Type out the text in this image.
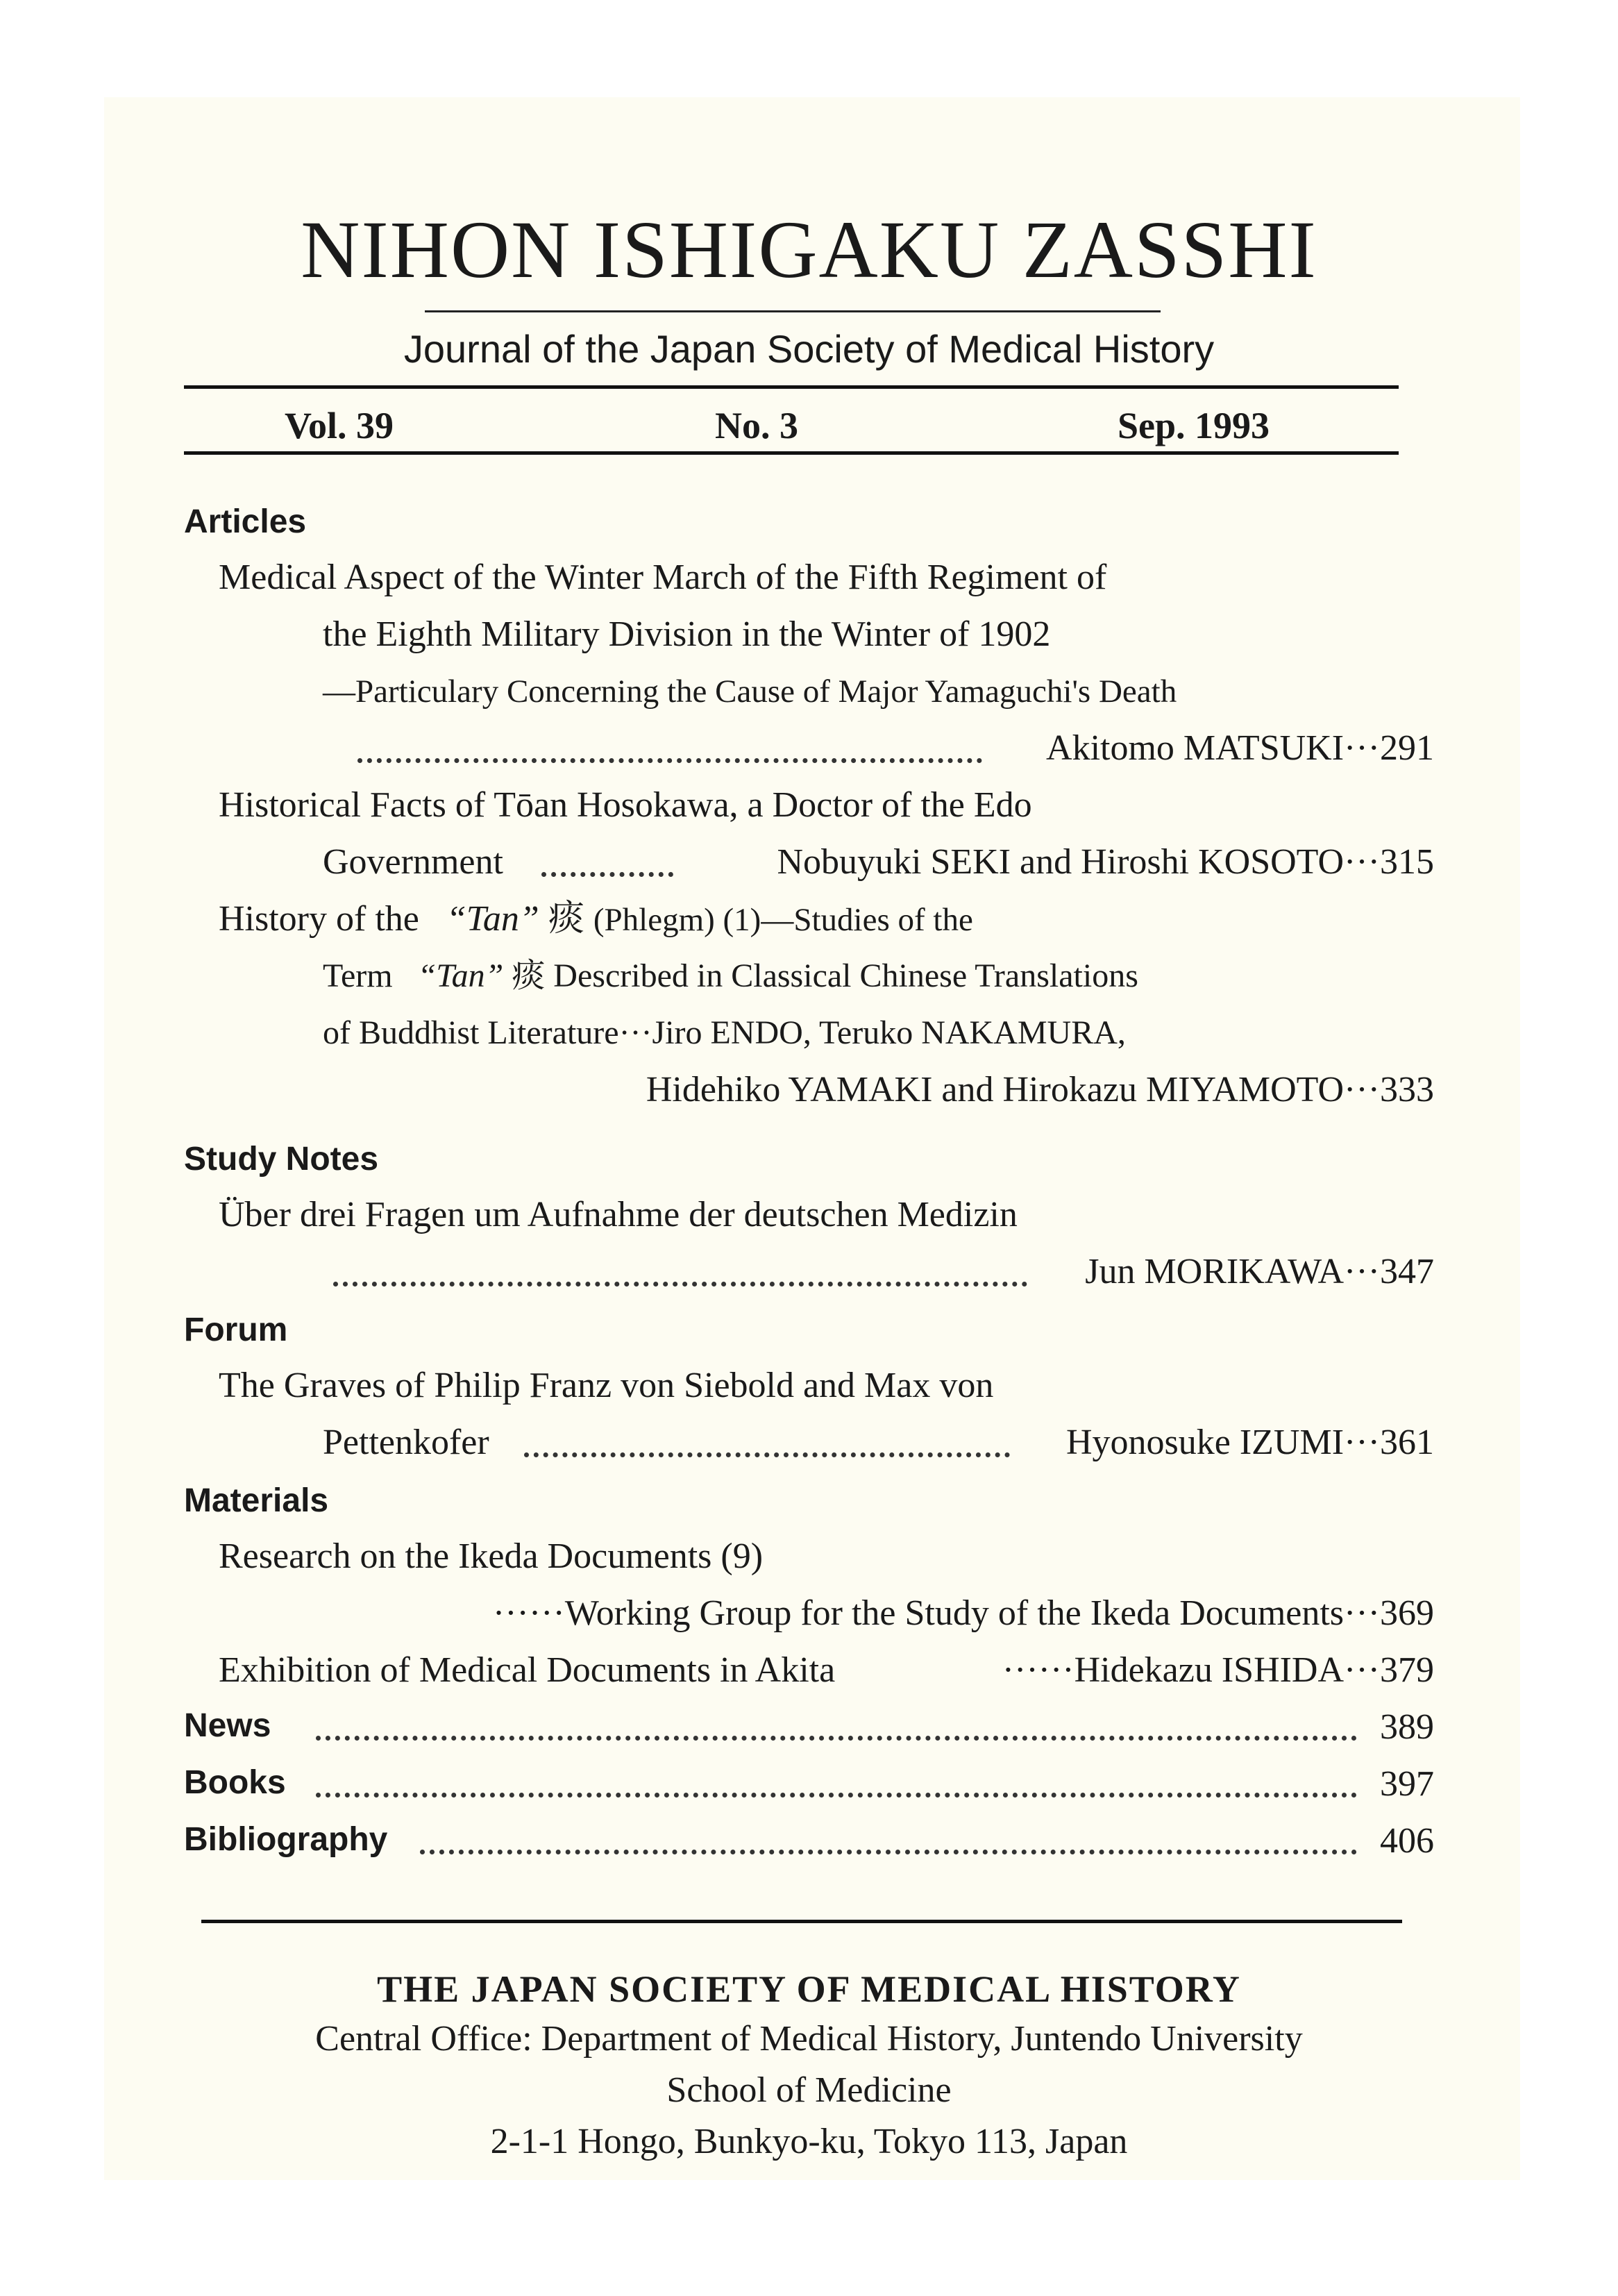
NIHON ISHIGAKU ZASSHI
Journal of the Japan Society of Medical History
Vol. 39	No. 3	Sep. 1993
Articles
Medical Aspect of the Winter March of the Fifth Regiment of
the Eighth Military Division in the Winter of 1902
—Particulary Concerning the Cause of Major Yamaguchi's Death
Akitomo MATSUKI···291
Historical Facts of Tōan Hosokawa, a Doctor of the Edo
Government	Nobuyuki SEKI and Hiroshi KOSOTO···315
History of the “Tan” 痰 (Phlegm) (1)—Studies of the
Term “Tan” 痰 Described in Classical Chinese Translations
of Buddhist Literature···Jiro ENDO, Teruko NAKAMURA,
Hidehiko YAMAKI and Hirokazu MIYAMOTO···333
Study Notes
Über drei Fragen um Aufnahme der deutschen Medizin
Jun MORIKAWA···347
Forum
The Graves of Philip Franz von Siebold and Max von
Pettenkofer	Hyonosuke IZUMI···361
Materials
Research on the Ikeda Documents (9)
······Working Group for the Study of the Ikeda Documents···369
Exhibition of Medical Documents in Akita	······Hidekazu ISHIDA···379
News	389
Books	397
Bibliography	406
THE JAPAN SOCIETY OF MEDICAL HISTORY
Central Office: Department of Medical History, Juntendo University
School of Medicine
2-1-1 Hongo, Bunkyo-ku, Tokyo 113, Japan
